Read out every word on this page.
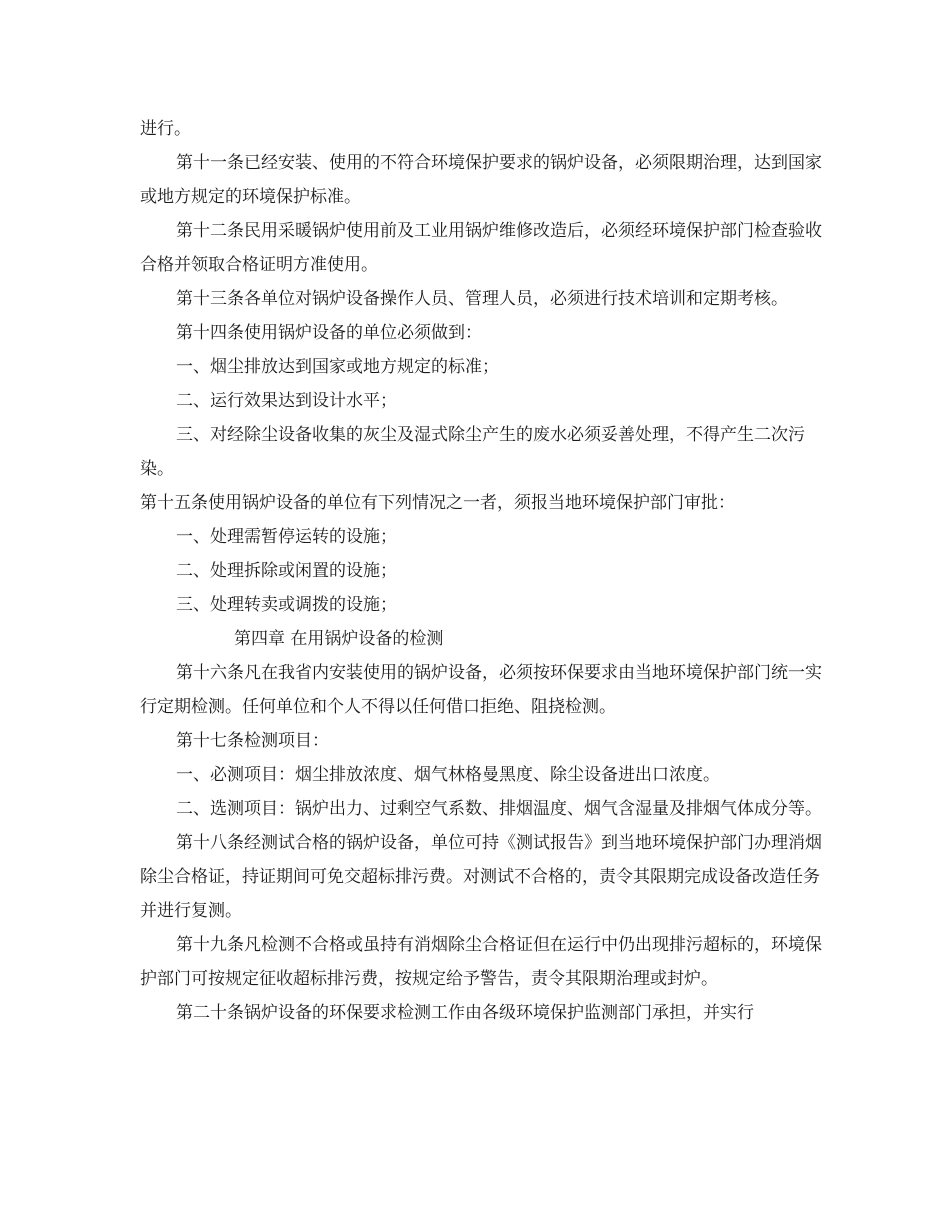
进行。

第十一条已经安装、使用的不符合环境保护要求的锅炉设备，必须限期治理，达到国家或地方规定的环境保护标准。

第十二条民用采暖锅炉使用前及工业用锅炉维修改造后，必须经环境保护部门检查验收合格并领取合格证明方准使用。

第十三条各单位对锅炉设备操作人员、管理人员，必须进行技术培训和定期考核。

第十四条使用锅炉设备的单位必须做到：

一、烟尘排放达到国家或地方规定的标准；

二、运行效果达到设计水平；

三、对经除尘设备收集的灰尘及湿式除尘产生的废水必须妥善处理，不得产生二次污染。

第十五条使用锅炉设备的单位有下列情况之一者，须报当地环境保护部门审批：

一、处理需暂停运转的设施；

二、处理拆除或闲置的设施；

三、处理转卖或调拨的设施；

第四章 在用锅炉设备的检测

第十六条凡在我省内安装使用的锅炉设备，必须按环保要求由当地环境保护部门统一实行定期检测。任何单位和个人不得以任何借口拒绝、阻挠检测。

第十七条检测项目：

一、必测项目：烟尘排放浓度、烟气林格曼黑度、除尘设备进出口浓度。

二、选测项目：锅炉出力、过剩空气系数、排烟温度、烟气含湿量及排烟气体成分等。

第十八条经测试合格的锅炉设备，单位可持《测试报告》到当地环境保护部门办理消烟除尘合格证，持证期间可免交超标排污费。对测试不合格的，责令其限期完成设备改造任务并进行复测。

第十九条凡检测不合格或虽持有消烟除尘合格证但在运行中仍出现排污超标的，环境保护部门可按规定征收超标排污费，按规定给予警告，责令其限期治理或封炉。

第二十条锅炉设备的环保要求检测工作由各级环境保护监测部门承担，并实行
